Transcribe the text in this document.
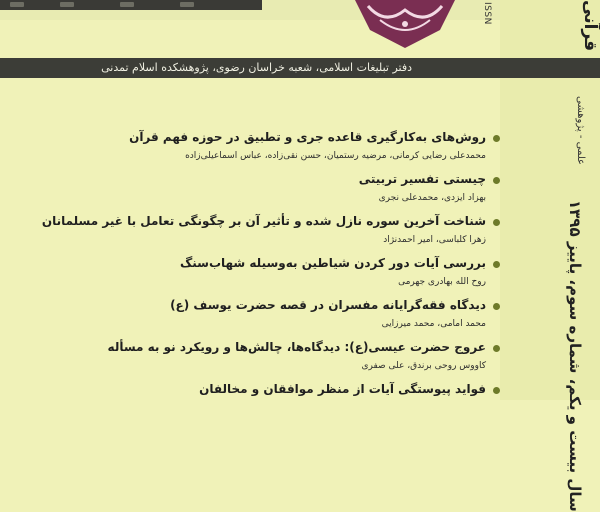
ISSN	قرآنی
علمی - پژوهشی
سال بیست و یکم، شماره سوم، پاییز ۱۳۹۵
دفتر تبلیغات اسلامی، شعبه خراسان رضوی، پژوهشکده اسلام تمدنی
روش‌های به‌کارگیری قاعده جری و تطبیق در حوزه فهم قرآن
محمدعلی رضایی کرمانی، مرضیه رستمیان، حسن نقی‌زاده، عباس اسماعیلی‌زاده
چیستی تفسیر تربیتی
بهزاد ایزدی، محمدعلی نجری
شناخت آخرین سوره نازل شده و تأثیر آن بر چگونگی تعامل با غیر مسلمانان
زهرا کلباسی، امیر احمدنژاد
بررسی آیات دور کردن شیاطین به‌وسیله شهاب‌سنگ
روح الله بهادری جهرمی
دیدگاه فقه‌گرایانه مفسران در قصه حضرت یوسف (ع)
محمد امامی، محمد میرزایی
عروج حضرت عیسی(ع): دیدگاه‌ها، چالش‌ها و رویکرد نو به مسأله
کاووس روحی برندق، علی صفری
فواید پیوستگی آیات از منظر موافقان و مخالفان
